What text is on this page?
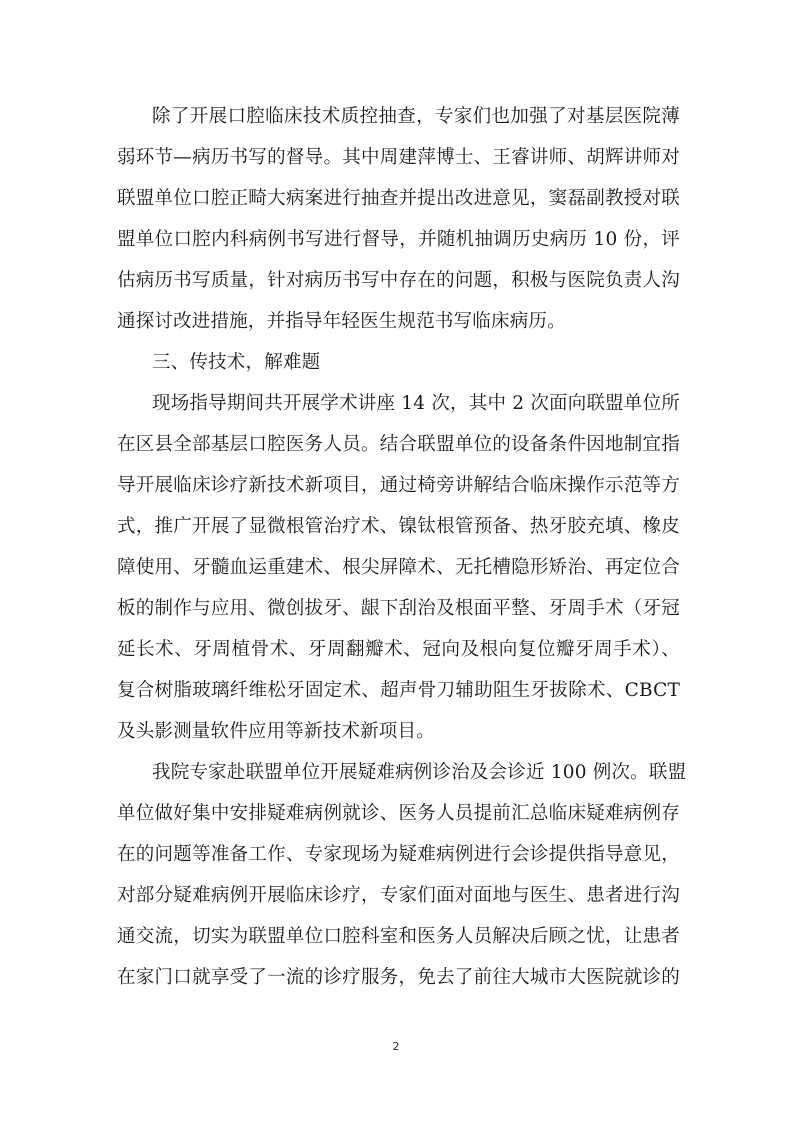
除了开展口腔临床技术质控抽查，专家们也加强了对基层医院薄
弱环节—病历书写的督导。其中周建萍博士、王睿讲师、胡辉讲师对
联盟单位口腔正畸大病案进行抽查并提出改进意见，窦磊副教授对联
盟单位口腔内科病例书写进行督导，并随机抽调历史病历 10 份，评
估病历书写质量，针对病历书写中存在的问题，积极与医院负责人沟
通探讨改进措施，并指导年轻医生规范书写临床病历。
三、传技术，解难题
现场指导期间共开展学术讲座 14 次，其中 2 次面向联盟单位所
在区县全部基层口腔医务人员。结合联盟单位的设备条件因地制宜指
导开展临床诊疗新技术新项目，通过椅旁讲解结合临床操作示范等方
式，推广开展了显微根管治疗术、镍钛根管预备、热牙胶充填、橡皮
障使用、牙髓血运重建术、根尖屏障术、无托槽隐形矫治、再定位合
板的制作与应用、微创拔牙、龈下刮治及根面平整、牙周手术（牙冠
延长术、牙周植骨术、牙周翻瓣术、冠向及根向复位瓣牙周手术）、
复合树脂玻璃纤维松牙固定术、超声骨刀辅助阻生牙拔除术、CBCT
及头影测量软件应用等新技术新项目。
我院专家赴联盟单位开展疑难病例诊治及会诊近 100 例次。联盟
单位做好集中安排疑难病例就诊、医务人员提前汇总临床疑难病例存
在的问题等准备工作、专家现场为疑难病例进行会诊提供指导意见，
对部分疑难病例开展临床诊疗，专家们面对面地与医生、患者进行沟
通交流，切实为联盟单位口腔科室和医务人员解决后顾之忧，让患者
在家门口就享受了一流的诊疗服务，免去了前往大城市大医院就诊的
2
